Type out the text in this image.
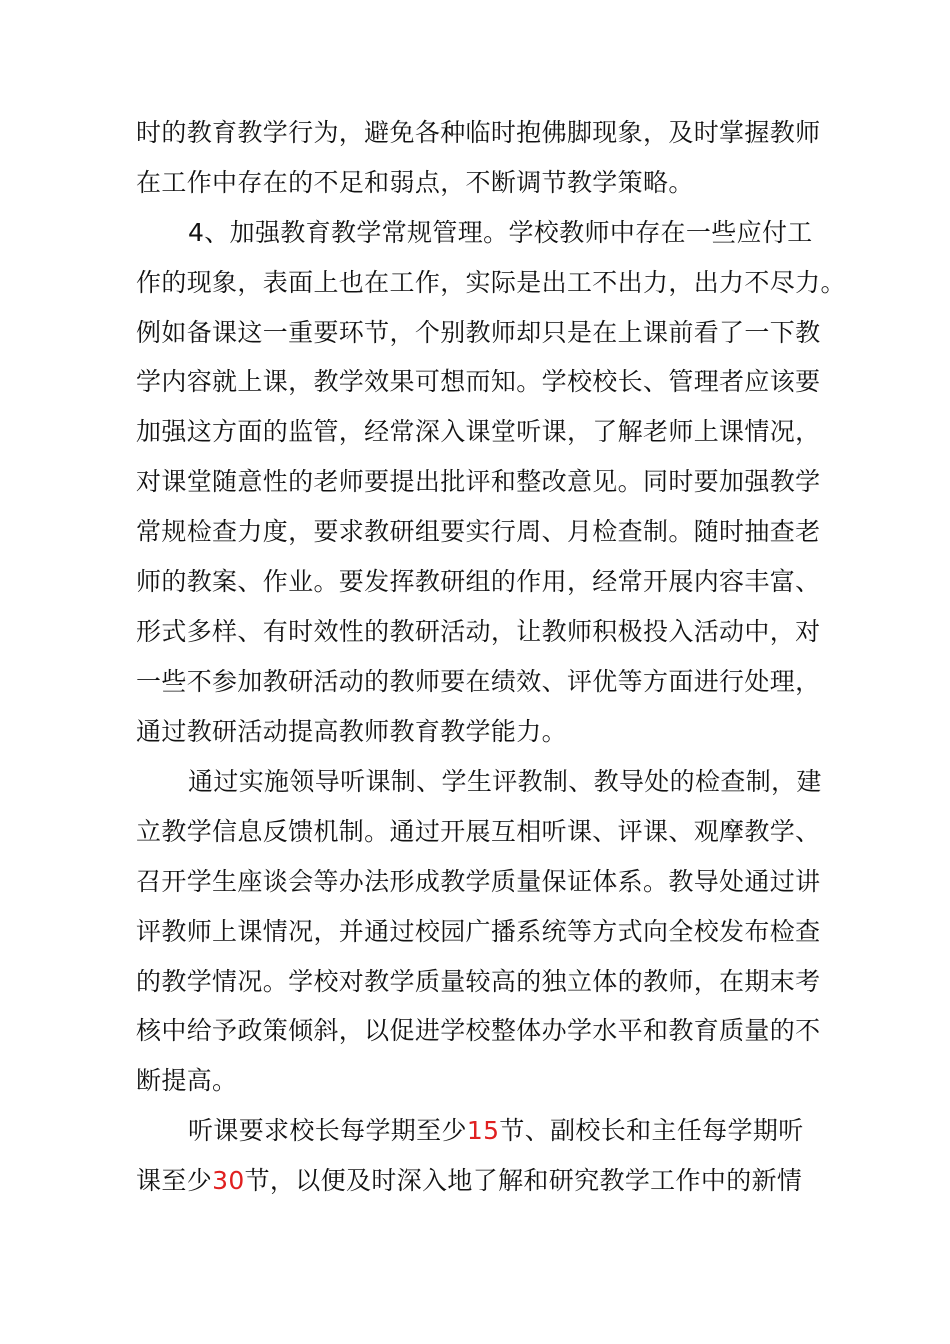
时的教育教学行为，避免各种临时抱佛脚现象，及时掌握教师
在工作中存在的不足和弱点，不断调节教学策略。
4、加强教育教学常规管理。学校教师中存在一些应付工
作的现象，表面上也在工作，实际是出工不出力，出力不尽力。
例如备课这一重要环节，个别教师却只是在上课前看了一下教
学内容就上课，教学效果可想而知。学校校长、管理者应该要
加强这方面的监管，经常深入课堂听课，了解老师上课情况，
对课堂随意性的老师要提出批评和整改意见。同时要加强教学
常规检查力度，要求教研组要实行周、月检查制。随时抽查老
师的教案、作业。要发挥教研组的作用，经常开展内容丰富、
形式多样、有时效性的教研活动，让教师积极投入活动中，对
一些不参加教研活动的教师要在绩效、评优等方面进行处理，
通过教研活动提高教师教育教学能力。
通过实施领导听课制、学生评教制、教导处的检查制，建
立教学信息反馈机制。通过开展互相听课、评课、观摩教学、
召开学生座谈会等办法形成教学质量保证体系。教导处通过讲
评教师上课情况，并通过校园广播系统等方式向全校发布检查
的教学情况。学校对教学质量较高的独立体的教师，在期末考
核中给予政策倾斜，以促进学校整体办学水平和教育质量的不
断提高。
听课要求校长每学期至少15节、副校长和主任每学期听
课至少30节，以便及时深入地了解和研究教学工作中的新情
